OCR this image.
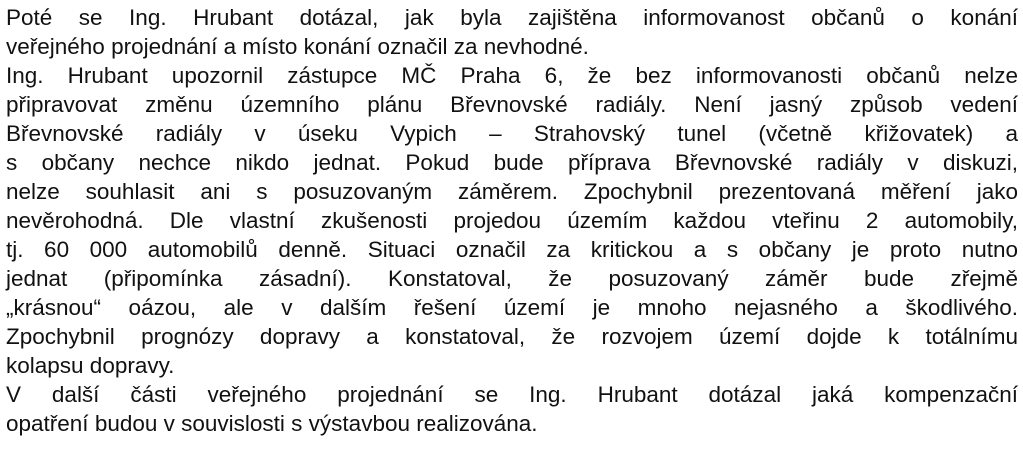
Poté se Ing. Hrubant dotázal, jak byla zajištěna informovanost občanů o konání
veřejného projednání a místo konání označil za nevhodné.
Ing. Hrubant upozornil zástupce MČ Praha 6, že bez informovanosti občanů nelze
připravovat změnu územního plánu Břevnovské radiály. Není jasný způsob vedení
Břevnovské radiály v úseku Vypich – Strahovský tunel (včetně křižovatek) a
s občany nechce nikdo jednat. Pokud bude příprava Břevnovské radiály v diskuzi,
nelze souhlasit ani s posuzovaným záměrem. Zpochybnil prezentovaná měření jako
nevěrohodná. Dle vlastní zkušenosti projedou územím každou vteřinu 2 automobily,
tj. 60 000 automobilů denně. Situaci označil za kritickou a s občany je proto nutno
jednat (připomínka zásadní). Konstatoval, že posuzovaný záměr bude zřejmě
„krásnou“ oázou, ale v dalším řešení území je mnoho nejasného a škodlivého.
Zpochybnil prognózy dopravy a konstatoval, že rozvojem území dojde k totálnímu
kolapsu dopravy.
V další části veřejného projednání se Ing. Hrubant dotázal jaká kompenzační
opatření budou v souvislosti s výstavbou realizována.
